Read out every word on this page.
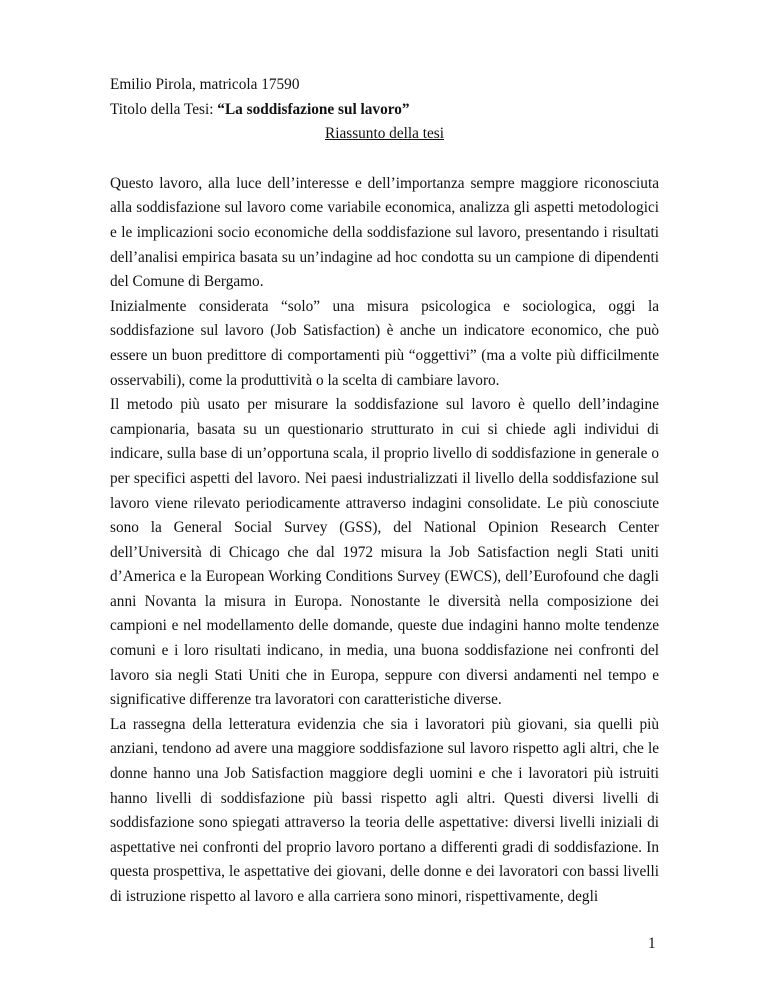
Emilio Pirola, matricola 17590
Titolo della Tesi: “La soddisfazione sul lavoro”
Riassunto della tesi

Questo lavoro, alla luce dell’interesse e dell’importanza sempre maggiore riconosciuta alla soddisfazione sul lavoro come variabile economica, analizza gli aspetti metodologici e le implicazioni socio economiche della soddisfazione sul lavoro, presentando i risultati dell’analisi empirica basata su un’indagine ad hoc condotta su un campione di dipendenti del Comune di Bergamo.

Inizialmente considerata “solo” una misura psicologica e sociologica, oggi la soddisfazione sul lavoro (Job Satisfaction) è anche un indicatore economico, che può essere un buon predittore di comportamenti più “oggettivi” (ma a volte più difficilmente osservabili), come la produttività o la scelta di cambiare lavoro.

Il metodo più usato per misurare la soddisfazione sul lavoro è quello dell’indagine campionaria, basata su un questionario strutturato in cui si chiede agli individui di indicare, sulla base di un’opportuna scala, il proprio livello di soddisfazione in generale o per specifici aspetti del lavoro. Nei paesi industrializzati il livello della soddisfazione sul lavoro viene rilevato periodicamente attraverso indagini consolidate. Le più conosciute sono la General Social Survey (GSS), del National Opinion Research Center dell’Università di Chicago che dal 1972 misura la Job Satisfaction negli Stati uniti d’America e la European Working Conditions Survey (EWCS), dell’Eurofound che dagli anni Novanta la misura in Europa. Nonostante le diversità nella composizione dei campioni e nel modellamento delle domande, queste due indagini hanno molte tendenze comuni e i loro risultati indicano, in media, una buona soddisfazione nei confronti del lavoro sia negli Stati Uniti che in Europa, seppure con diversi andamenti nel tempo e significative differenze tra lavoratori con caratteristiche diverse.

La rassegna della letteratura evidenzia che sia i lavoratori più giovani, sia quelli più anziani, tendono ad avere una maggiore soddisfazione sul lavoro rispetto agli altri, che le donne hanno una Job Satisfaction maggiore degli uomini e che i lavoratori più istruiti hanno livelli di soddisfazione più bassi rispetto agli altri. Questi diversi livelli di soddisfazione sono spiegati attraverso la teoria delle aspettative: diversi livelli iniziali di aspettative nei confronti del proprio lavoro portano a differenti gradi di soddisfazione. In questa prospettiva, le aspettative dei giovani, delle donne e dei lavoratori con bassi livelli di istruzione rispetto al lavoro e alla carriera sono minori, rispettivamente, degli

1
